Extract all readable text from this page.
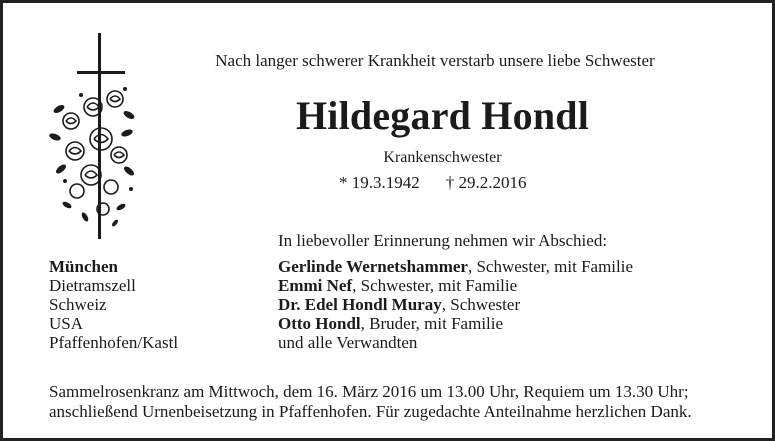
Nach langer schwerer Krankheit verstarb unsere liebe Schwester
Hildegard Hondl
Krankenschwester
* 19.3.1942 † 29.2.2016
In liebevoller Erinnerung nehmen wir Abschied:
München
Dietramszell
Schweiz
USA
Pfaffenhofen/Kastl
Gerlinde Wernetshammer, Schwester, mit Familie
Emmi Nef, Schwester, mit Familie
Dr. Edel Hondl Muray, Schwester
Otto Hondl, Bruder, mit Familie
und alle Verwandten
Sammelrosenkranz am Mittwoch, dem 16. März 2016 um 13.00 Uhr, Requiem um 13.30 Uhr;
anschließend Urnenbeisetzung in Pfaffenhofen. Für zugedachte Anteilnahme herzlichen Dank.
